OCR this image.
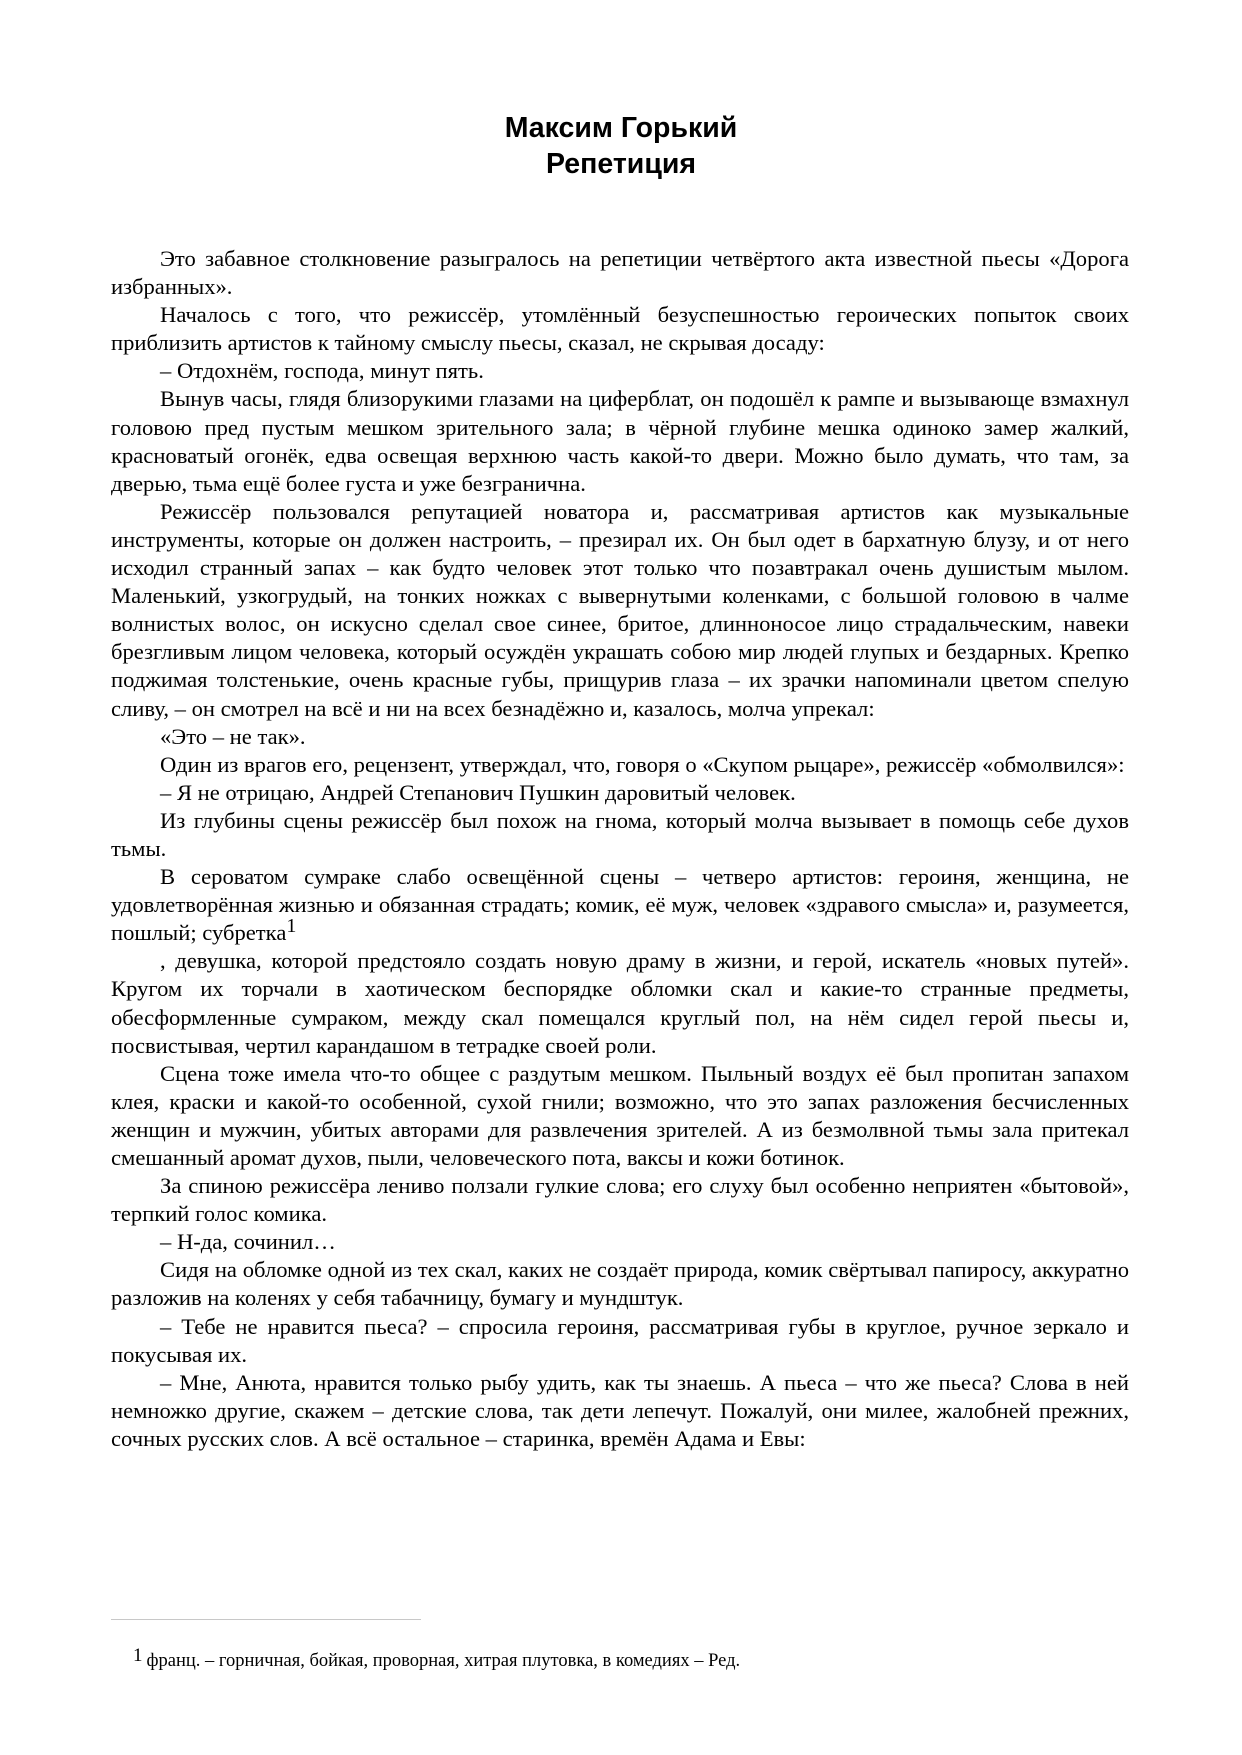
Максим Горький
Репетиция

Это забавное столкновение разыгралось на репетиции четвёртого акта известной пьесы «Дорога избранных».

Началось с того, что режиссёр, утомлённый безуспешностью героических попыток своих приблизить артистов к тайному смыслу пьесы, сказал, не скрывая досаду:

– Отдохнём, господа, минут пять.

Вынув часы, глядя близорукими глазами на циферблат, он подошёл к рампе и вызывающе взмахнул головою пред пустым мешком зрительного зала; в чёрной глубине мешка одиноко замер жалкий, красноватый огонёк, едва освещая верхнюю часть какой-то двери. Можно было думать, что там, за дверью, тьма ещё более густа и уже безгранична.

Режиссёр пользовался репутацией новатора и, рассматривая артистов как музыкальные инструменты, которые он должен настроить, – презирал их. Он был одет в бархатную блузу, и от него исходил странный запах – как будто человек этот только что позавтракал очень душистым мылом. Маленький, узкогрудый, на тонких ножках с вывернутыми коленками, с большой головою в чалме волнистых волос, он искусно сделал свое синее, бритое, длинноносое лицо страдальческим, навеки брезгливым лицом человека, который осуждён украшать собою мир людей глупых и бездарных. Крепко поджимая толстенькие, очень красные губы, прищурив глаза – их зрачки напоминали цветом спелую сливу, – он смотрел на всё и ни на всех безнадёжно и, казалось, молча упрекал:

«Это – не так».

Один из врагов его, рецензент, утверждал, что, говоря о «Скупом рыцаре», режиссёр «обмолвился»:

– Я не отрицаю, Андрей Степанович Пушкин даровитый человек.

Из глубины сцены режиссёр был похож на гнома, который молча вызывает в помощь себе духов тьмы.

В сероватом сумраке слабо освещённой сцены – четверо артистов: героиня, женщина, не удовлетворённая жизнью и обязанная страдать; комик, её муж, человек «здравого смысла» и, разумеется, пошлый; субретка1

, девушка, которой предстояло создать новую драму в жизни, и герой, искатель «новых путей». Кругом их торчали в хаотическом беспорядке обломки скал и какие-то странные предметы, обесформленные сумраком, между скал помещался круглый пол, на нём сидел герой пьесы и, посвистывая, чертил карандашом в тетрадке своей роли.

Сцена тоже имела что-то общее с раздутым мешком. Пыльный воздух её был пропитан запахом клея, краски и какой-то особенной, сухой гнили; возможно, что это запах разложения бесчисленных женщин и мужчин, убитых авторами для развлечения зрителей. А из безмолвной тьмы зала притекал смешанный аромат духов, пыли, человеческого пота, ваксы и кожи ботинок.

За спиною режиссёра лениво ползали гулкие слова; его слуху был особенно неприятен «бытовой», терпкий голос комика.

– Н-да, сочинил…

Сидя на обломке одной из тех скал, каких не создаёт природа, комик свёртывал папиросу, аккуратно разложив на коленях у себя табачницу, бумагу и мундштук.

– Тебе не нравится пьеса? – спросила героиня, рассматривая губы в круглое, ручное зеркало и покусывая их.

– Мне, Анюта, нравится только рыбу удить, как ты знаешь. А пьеса – что же пьеса? Слова в ней немножко другие, скажем – детские слова, так дети лепечут. Пожалуй, они милее, жалобней прежних, сочных русских слов. А всё остальное – старинка, времён Адама и Евы:

1 франц. – горничная, бойкая, проворная, хитрая плутовка, в комедиях – Ред.
